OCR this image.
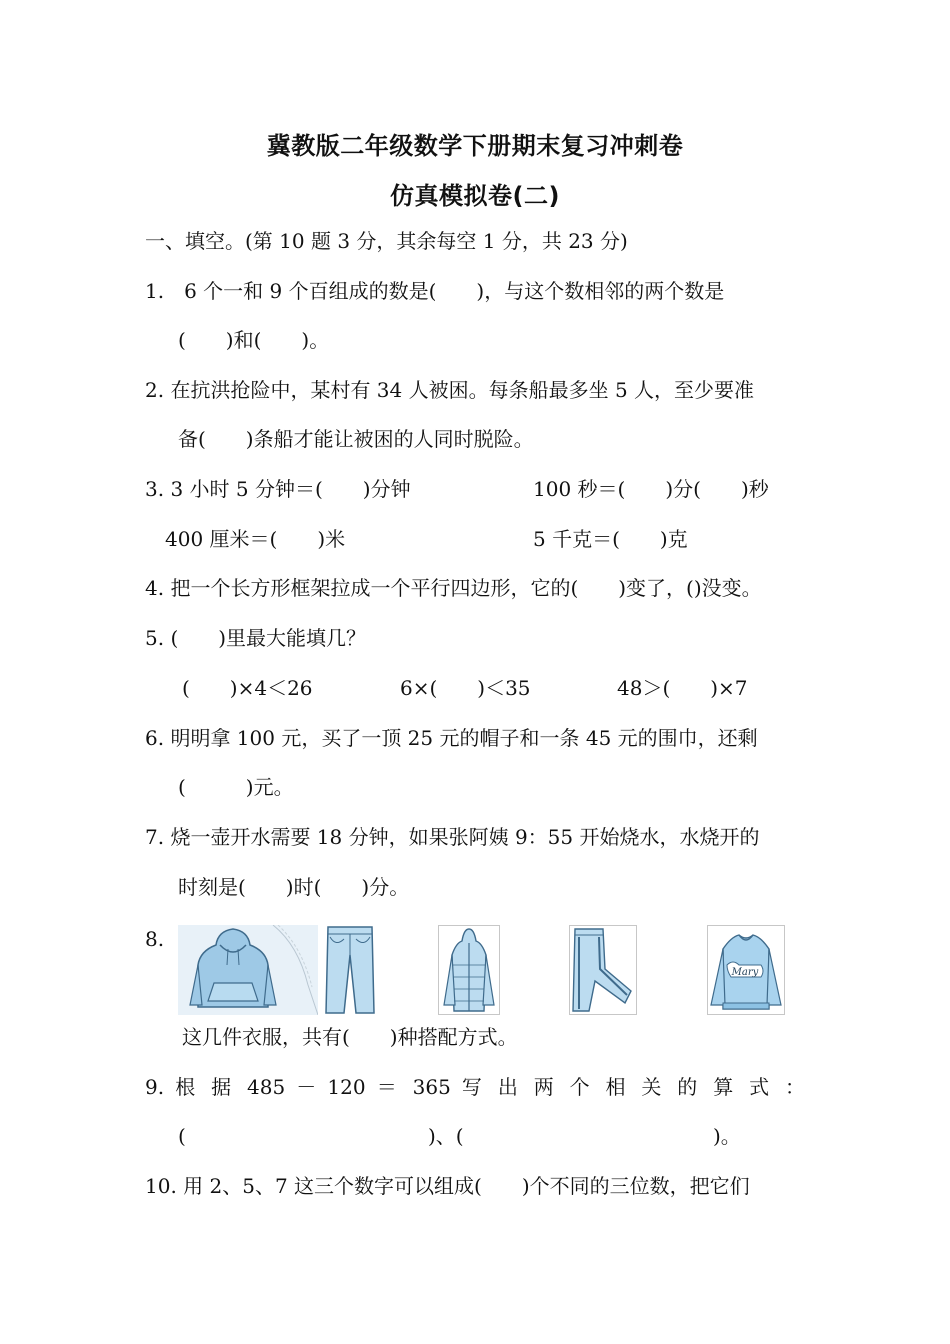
冀教版二年级数学下册期末复习冲刺卷
仿真模拟卷(二)
一、填空。(第 10 题 3 分，其余每空 1 分，共 23 分)
1.　6 个一和 9 个百组成的数是(　　)，与这个数相邻的两个数是
(　　)和(　　)。
2. 在抗洪抢险中，某村有 34 人被困。每条船最多坐 5 人，至少要准
备(　　)条船才能让被困的人同时脱险。
3. 3 小时 5 分钟＝(　　)分钟	100 秒＝(　　)分(　　)秒
400 厘米＝(　　)米	5 千克＝(　　)克
4. 把一个长方形框架拉成一个平行四边形，它的(　　)变了，()没变。
5. (　　)里最大能填几？
(　　)×4＜26	6×(　　)＜35	48＞(　　)×7
6. 明明拿 100 元，买了一顶 25 元的帽子和一条 45 元的围巾，还剩
(　　　)元。
7. 烧一壶开水需要 18 分钟，如果张阿姨 9：55 开始烧水，水烧开的
时刻是(　　)时(　　)分。
8.
Mary
这几件衣服，共有(　　)种搭配方式。
9. 根 据 485 － 120 ＝ 365 写 出 两 个 相 关 的 算 式 ：
(	)、(	)。
10. 用 2、5、7 这三个数字可以组成(　　)个不同的三位数，把它们
